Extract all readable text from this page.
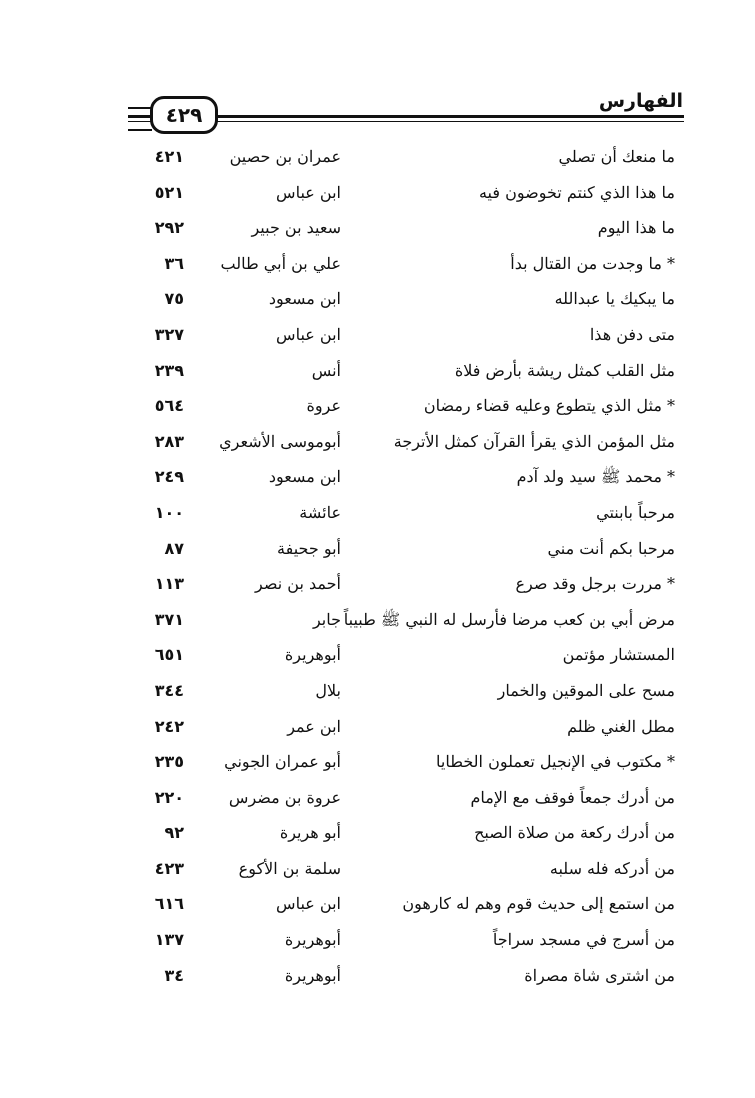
٤٢٩
الفهارس
ما منعك أن تصلي
عمران بن حصين
٤٢١
ما هذا الذي كنتم تخوضون فيه
ابن عباس
٥٢١
ما هذا اليوم
سعيد بن جبير
٢٩٢
* ما وجدت من القتال بدأ
علي بن أبي طالب
٣٦
ما يبكيك يا عبدالله
ابن مسعود
٧٥
متى دفن هذا
ابن عباس
٣٢٧
مثل القلب كمثل ريشة بأرض فلاة
أنس
٢٣٩
* مثل الذي يتطوع وعليه قضاء رمضان
عروة
٥٦٤
مثل المؤمن الذي يقرأ القرآن كمثل الأترجة
أبوموسى الأشعري
٢٨٣
* محمد ﷺ سيد ولد آدم
ابن مسعود
٢٤٩
مرحباً بابنتي
عائشة
١٠٠
مرحبا بكم أنت مني
أبو جحيفة
٨٧
* مررت برجل وقد صرع
أحمد بن نصر
١١٣
مرض أبي بن كعب مرضا فأرسل له النبي ﷺ طبيباً
جابر
٣٧١
المستشار مؤتمن
أبوهريرة
٦٥١
مسح على الموقين والخمار
بلال
٣٤٤
مطل الغني ظلم
ابن عمر
٢٤٢
* مكتوب في الإنجيل تعملون الخطايا
أبو عمران الجوني
٢٣٥
من أدرك جمعاً فوقف مع الإمام
عروة بن مضرس
٢٢٠
من أدرك ركعة من صلاة الصبح
أبو هريرة
٩٢
من أدركه فله سلبه
سلمة بن الأكوع
٤٢٣
من استمع إلى حديث قوم وهم له كارهون
ابن عباس
٦١٦
من أسرج في مسجد سراجاً
أبوهريرة
١٣٧
من اشترى شاة مصراة
أبوهريرة
٣٤
